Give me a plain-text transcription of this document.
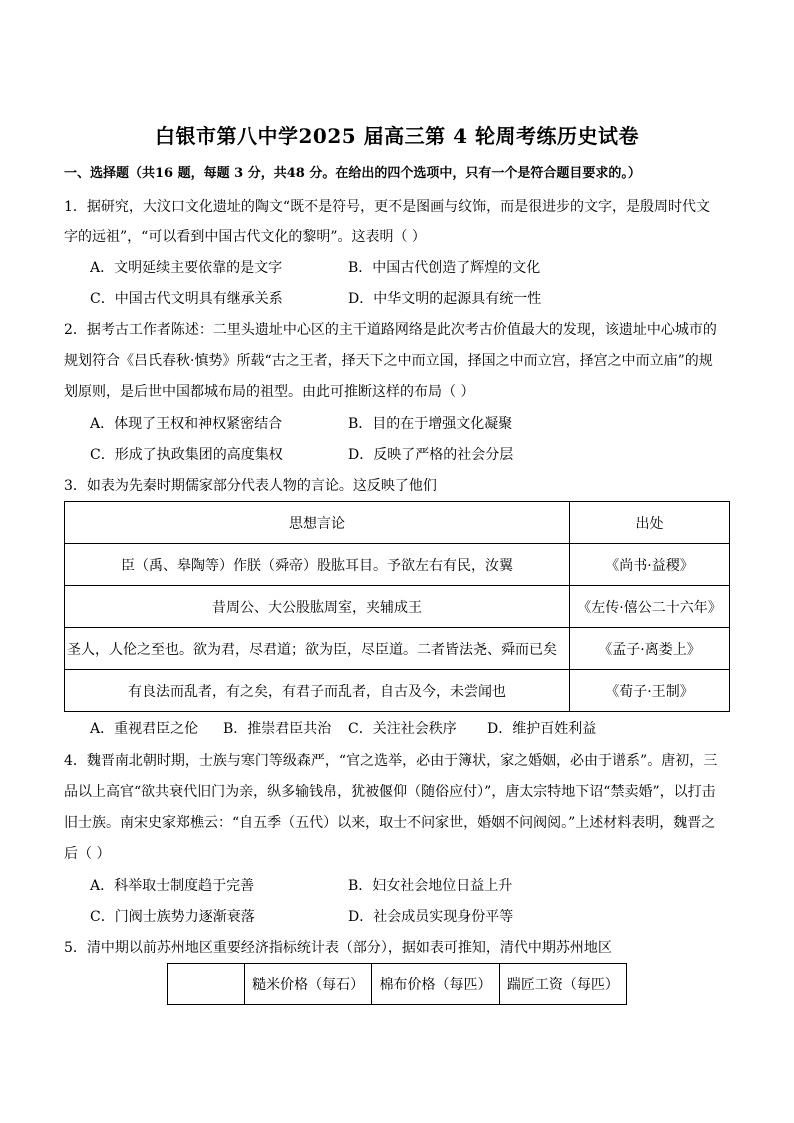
白银市第八中学2025 届高三第 4 轮周考练历史试卷
一、选择题（共16 题，每题 3 分，共48 分。在给出的四个选项中，只有一个是符合题目要求的。）
1．据研究，大汶口文化遗址的陶文“既不是符号，更不是图画与纹饰，而是很进步的文字，是殷周时代文
字的远祖”，“可以看到中国古代文化的黎明”。这表明（ ）
A．文明延续主要依靠的是文字	B．中国古代创造了辉煌的文化
C．中国古代文明具有继承关系	D．中华文明的起源具有统一性
2．据考古工作者陈述：二里头遗址中心区的主干道路网络是此次考古价值最大的发现，该遗址中心城市的
规划符合《吕氏春秋·慎势》所载“古之王者，择天下之中而立国，择国之中而立宫，择宫之中而立庙”的规
划原则，是后世中国都城布局的祖型。由此可推断这样的布局（ ）
A．体现了王权和神权紧密结合	B．目的在于增强文化凝聚
C．形成了执政集团的高度集权	D．反映了严格的社会分层
3．如表为先秦时期儒家部分代表人物的言论。这反映了他们
思想言论	出处
臣（禹、皋陶等）作朕（舜帝）股肱耳目。予欲左右有民，汝翼	《尚书·益稷》
昔周公、大公股肱周室，夹辅成王	《左传·僖公二十六年》
圣人，人伦之至也。欲为君，尽君道；欲为臣，尽臣道。二者皆法尧、舜而已矣	《孟子·离娄上》
有良法而乱者，有之矣，有君子而乱者，自古及今，未尝闻也	《荀子·王制》
A．重视君臣之伦 B．推崇君臣共治 C．关注社会秩序 D．维护百姓利益
4．魏晋南北朝时期，士族与寒门等级森严，“官之选举，必由于簿状，家之婚姻，必由于谱系”。唐初，三
品以上高官“欲共衰代旧门为亲，纵多输钱帛，犹被偃仰（随俗应付）”，唐太宗特地下诏“禁卖婚”，以打击
旧士族。南宋史家郑樵云：“自五季（五代）以来，取士不问家世，婚姻不问阀阅。”上述材料表明，魏晋之
后（ ）
A．科举取士制度趋于完善	B．妇女社会地位日益上升
C．门阀士族势力逐渐衰落	D．社会成员实现身份平等
5．清中期以前苏州地区重要经济指标统计表（部分），据如表可推知，清代中期苏州地区
	糙米价格（每石）	棉布价格（每匹）	踹匠工资（每匹）
